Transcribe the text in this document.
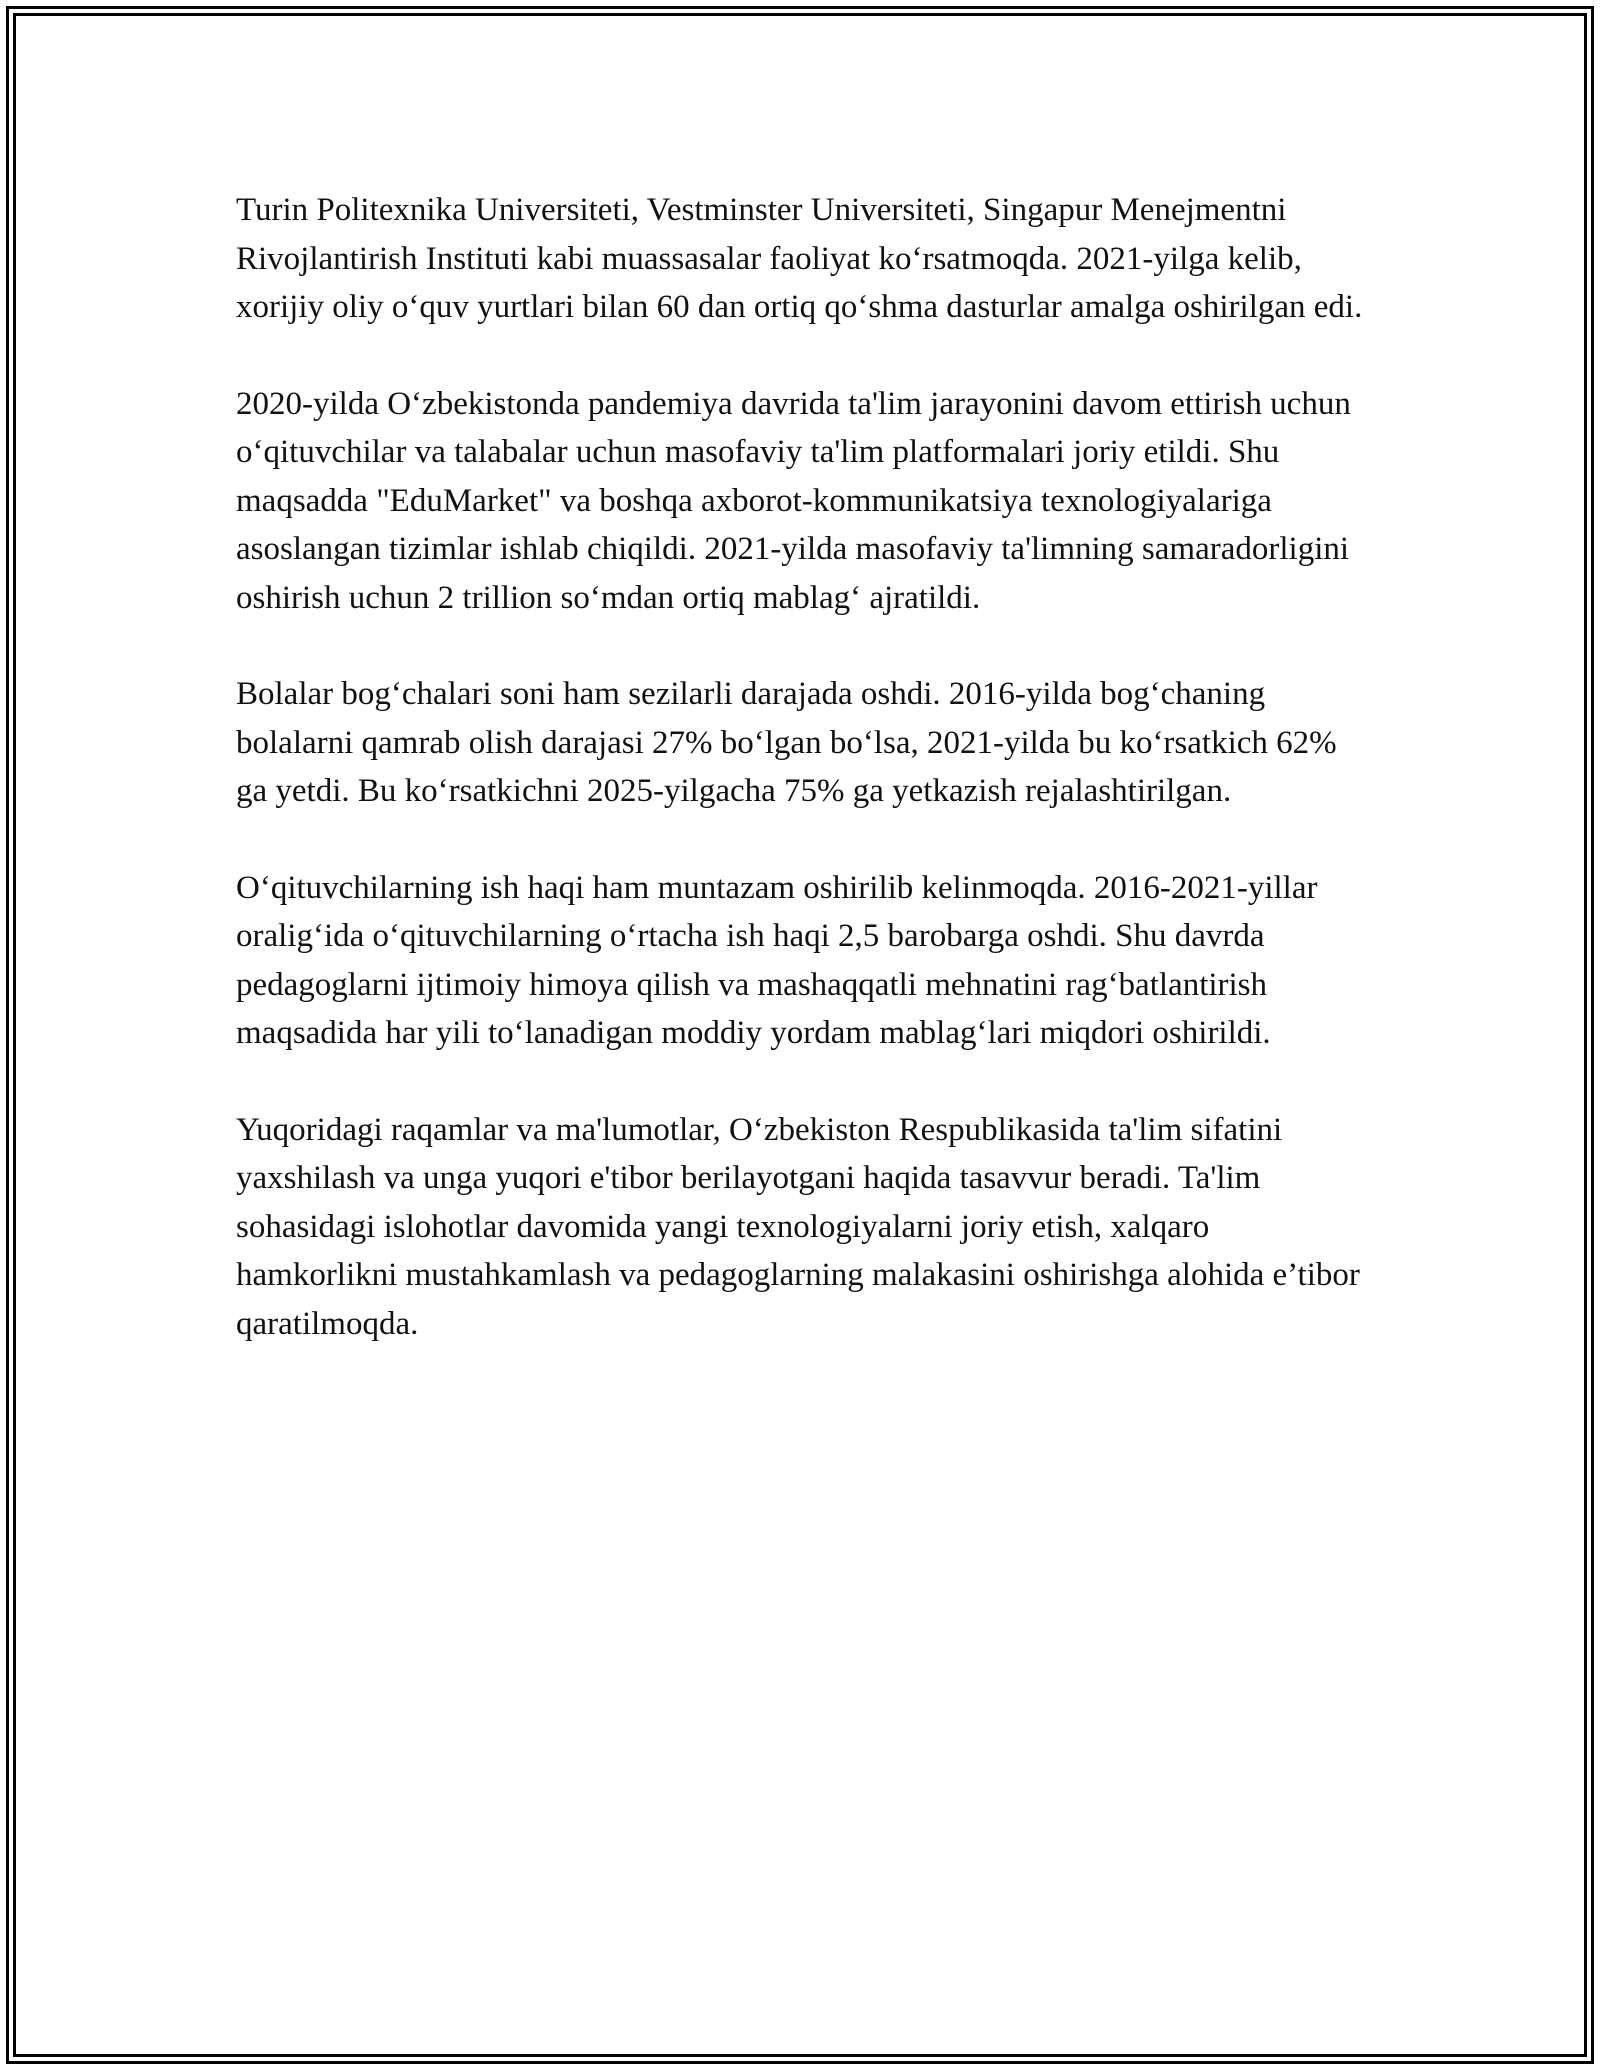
Turin Politexnika Universiteti, Vestminster Universiteti, Singapur Menejmentni Rivojlantirish Instituti kabi muassasalar faoliyat ko‘rsatmoqda. 2021-yilga kelib, xorijiy oliy o‘quv yurtlari bilan 60 dan ortiq qo‘shma dasturlar amalga oshirilgan edi.

2020-yilda O‘zbekistonda pandemiya davrida ta'lim jarayonini davom ettirish uchun o‘qituvchilar va talabalar uchun masofaviy ta'lim platformalari joriy etildi. Shu maqsadda "EduMarket" va boshqa axborot-kommunikatsiya texnologiyalariga asoslangan tizimlar ishlab chiqildi. 2021-yilda masofaviy ta'limning samaradorligini oshirish uchun 2 trillion so‘mdan ortiq mablag‘ ajratildi.

Bolalar bog‘chalari soni ham sezilarli darajada oshdi. 2016-yilda bog‘chaning bolalarni qamrab olish darajasi 27% bo‘lgan bo‘lsa, 2021-yilda bu ko‘rsatkich 62% ga yetdi. Bu ko‘rsatkichni 2025-yilgacha 75% ga yetkazish rejalashtirilgan.

O‘qituvchilarning ish haqi ham muntazam oshirilib kelinmoqda. 2016-2021-yillar oralig‘ida o‘qituvchilarning o‘rtacha ish haqi 2,5 barobarga oshdi. Shu davrda pedagoglarni ijtimoiy himoya qilish va mashaqqatli mehnatini rag‘batlantirish maqsadida har yili to‘lanadigan moddiy yordam mablag‘lari miqdori oshirildi.

Yuqoridagi raqamlar va ma'lumotlar, O‘zbekiston Respublikasida ta'lim sifatini yaxshilash va unga yuqori e'tibor berilayotgani haqida tasavvur beradi. Ta'lim sohasidagi islohotlar davomida yangi texnologiyalarni joriy etish, xalqaro hamkorlikni mustahkamlash va pedagoglarning malakasini oshirishga alohida e’tibor qaratilmoqda.
